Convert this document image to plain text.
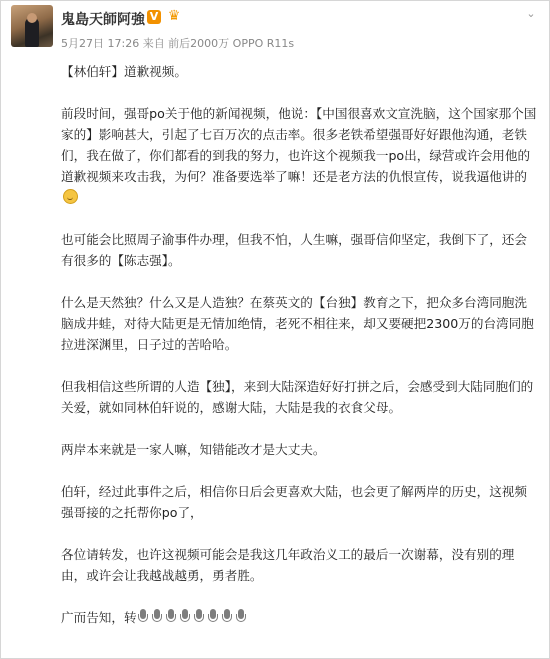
鬼島天師阿強 V ♛
5月27日 17:26 来自 前后2000万 OPPO R11s
⌄

【林伯轩】道歉视频。

前段时间，强哥po关于他的新闻视频，他说：【中国很喜欢文宣洗脑，这个国家那个国家的】影响甚大，引起了七百万次的点击率。很多老铁希望强哥好好跟他沟通，老铁们，我在做了，你们都看的到我的努力，也许这个视频我一po出，绿营或许会用他的道歉视频来攻击我，为何？准备要选举了嘛！还是老方法的仇恨宣传，说我逼他讲的

也可能会比照周子渝事件办理，但我不怕，人生嘛，强哥信仰坚定，我倒下了，还会有很多的【陈志强】。

什么是天然独？什么又是人造独？在蔡英文的【台独】教育之下，把众多台湾同胞洗脑成井蛙，对待大陆更是无情加绝情，老死不相往来，却又要硬把2300万的台湾同胞拉进深渊里，日子过的苦哈哈。

但我相信这些所谓的人造【独】，来到大陆深造好好打拼之后，会感受到大陆同胞们的关爱，就如同林伯轩说的，感谢大陆，大陆是我的衣食父母。

两岸本来就是一家人嘛，知错能改才是大丈夫。

伯轩，经过此事件之后，相信你日后会更喜欢大陆，也会更了解两岸的历史，这视频强哥接的之托帮你po了，

各位请转发，也许这视频可能会是我这几年政治义工的最后一次谢幕，没有别的理由，或许会让我越战越勇，勇者胜。

广而告知，转
